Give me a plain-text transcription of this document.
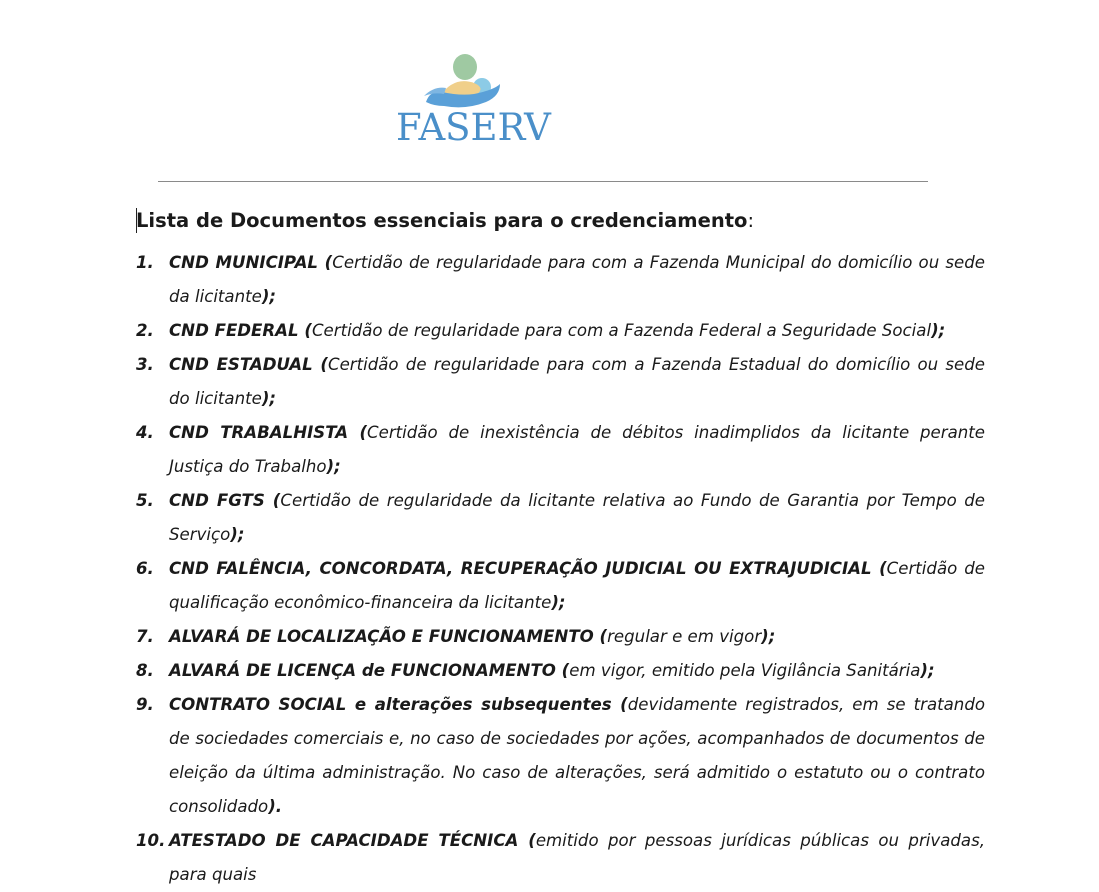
FASERV
Lista de Documentos essenciais para o credenciamento:
1. CND MUNICIPAL (Certidão de regularidade para com a Fazenda Municipal do domicílio ou sede da licitante);
2. CND FEDERAL (Certidão de regularidade para com a Fazenda Federal a Seguridade Social);
3. CND ESTADUAL (Certidão de regularidade para com a Fazenda Estadual do domicílio ou sede do licitante);
4. CND TRABALHISTA (Certidão de inexistência de débitos inadimplidos da licitante perante Justiça do Trabalho);
5. CND FGTS (Certidão de regularidade da licitante relativa ao Fundo de Garantia por Tempo de Serviço);
6. CND FALÊNCIA, CONCORDATA, RECUPERAÇÃO JUDICIAL OU EXTRAJUDICIAL (Certidão de qualificação econômico-financeira da licitante);
7. ALVARÁ DE LOCALIZAÇÃO E FUNCIONAMENTO (regular e em vigor);
8. ALVARÁ DE LICENÇA de FUNCIONAMENTO (em vigor, emitido pela Vigilância Sanitária);
9. CONTRATO SOCIAL e alterações subsequentes (devidamente registrados, em se tratando de sociedades comerciais e, no caso de sociedades por ações, acompanhados de documentos de eleição da última administração. No caso de alterações, será admitido o estatuto ou o contrato consolidado).
10. ATESTADO DE CAPACIDADE TÉCNICA (emitido por pessoas jurídicas públicas ou privadas, para quais
